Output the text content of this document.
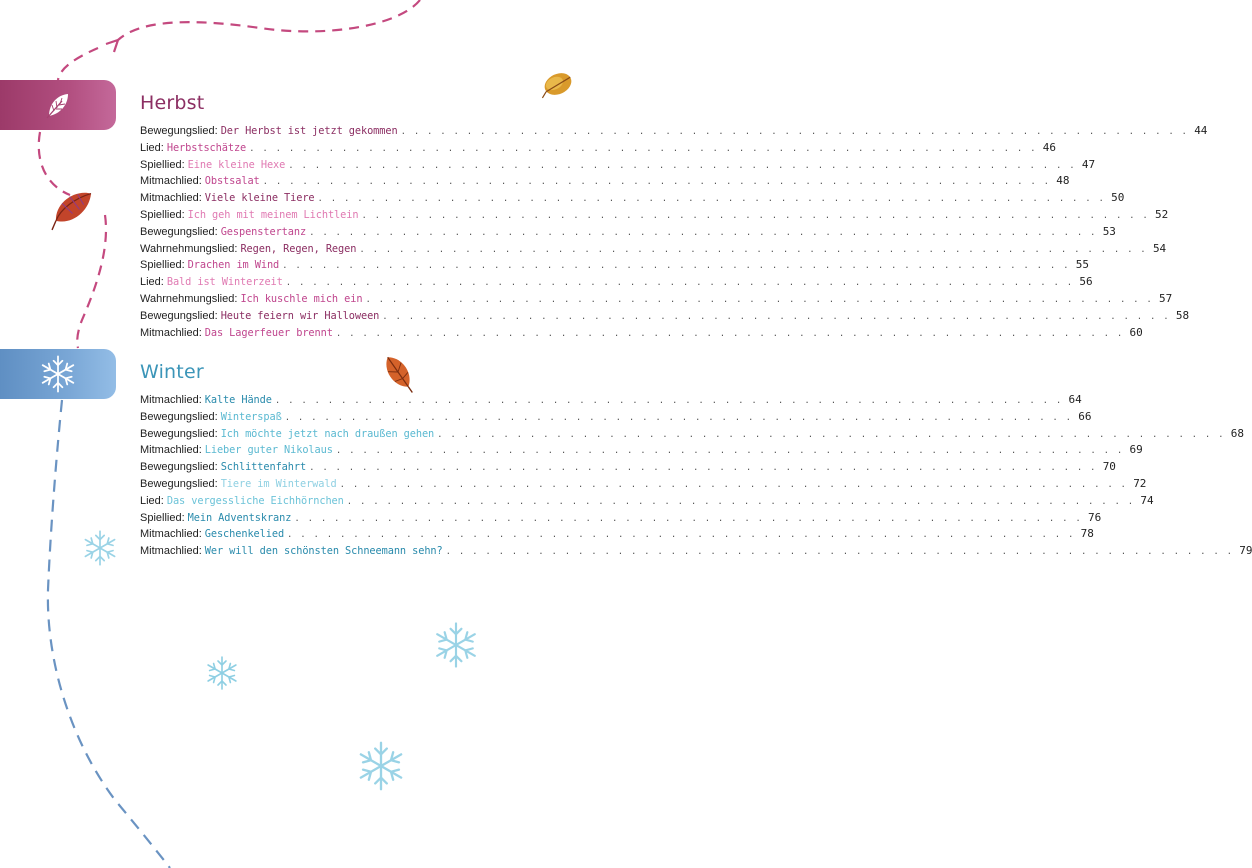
Herbst
Bewegungslied : Der Herbst ist jetzt gekommen . . . . . . . . . . . . . . . . . . . . . . . . . . . . . . . . . . . . . . . . . . . . . . . . . . . . . . . . . . . . 44
Lied : Herbstschätze . . . . . . . . . . . . . . . . . . . . . . . . . . . . . . . . . . . . . . . . . . . . . . . . . . . . . . . . . . . . 46
Spiellied : Eine kleine Hexe . . . . . . . . . . . . . . . . . . . . . . . . . . . . . . . . . . . . . . . . . . . . . . . . . . . . . . . . . . . . 47
Mitmachlied : Obstsalat . . . . . . . . . . . . . . . . . . . . . . . . . . . . . . . . . . . . . . . . . . . . . . . . . . . . . . . . . . . . 48
Mitmachlied : Viele kleine Tiere . . . . . . . . . . . . . . . . . . . . . . . . . . . . . . . . . . . . . . . . . . . . . . . . . . . . . . . . . . . . 50
Spiellied : Ich geh mit meinem Lichtlein . . . . . . . . . . . . . . . . . . . . . . . . . . . . . . . . . . . . . . . . . . . . . . . . . . . . . . . . . . . . 52
Bewegungslied : Gespenstertanz . . . . . . . . . . . . . . . . . . . . . . . . . . . . . . . . . . . . . . . . . . . . . . . . . . . . . . . . . . . . 53
Wahrnehmungslied : Regen, Regen, Regen . . . . . . . . . . . . . . . . . . . . . . . . . . . . . . . . . . . . . . . . . . . . . . . . . . . . . . . . . . . . 54
Spiellied : Drachen im Wind . . . . . . . . . . . . . . . . . . . . . . . . . . . . . . . . . . . . . . . . . . . . . . . . . . . . . . . . . . . . 55
Lied : Bald ist Winterzeit . . . . . . . . . . . . . . . . . . . . . . . . . . . . . . . . . . . . . . . . . . . . . . . . . . . . . . . . . . . . 56
Wahrnehmungslied : Ich kuschle mich ein . . . . . . . . . . . . . . . . . . . . . . . . . . . . . . . . . . . . . . . . . . . . . . . . . . . . . . . . . . . . 57
Bewegungslied : Heute feiern wir Halloween . . . . . . . . . . . . . . . . . . . . . . . . . . . . . . . . . . . . . . . . . . . . . . . . . . . . . . . . . . . . 58
Mitmachlied : Das Lagerfeuer brennt . . . . . . . . . . . . . . . . . . . . . . . . . . . . . . . . . . . . . . . . . . . . . . . . . . . . . . . . . . . . 60
Winter
Mitmachlied : Kalte Hände . . . . . . . . . . . . . . . . . . . . . . . . . . . . . . . . . . . . . . . . . . . . . . . . . . . . . . . . . . . . 64
Bewegungslied : Winterspaß . . . . . . . . . . . . . . . . . . . . . . . . . . . . . . . . . . . . . . . . . . . . . . . . . . . . . . . . . . . . 66
Bewegungslied : Ich möchte jetzt nach draußen gehen . . . . . . . . . . . . . . . . . . . . . . . . . . . . . . . . . . . . . . . . . . . . . . . . . . . . . . . . . . . . 68
Mitmachlied : Lieber guter Nikolaus . . . . . . . . . . . . . . . . . . . . . . . . . . . . . . . . . . . . . . . . . . . . . . . . . . . . . . . . . . . . 69
Bewegungslied : Schlittenfahrt . . . . . . . . . . . . . . . . . . . . . . . . . . . . . . . . . . . . . . . . . . . . . . . . . . . . . . . . . . . . 70
Bewegungslied : Tiere im Winterwald . . . . . . . . . . . . . . . . . . . . . . . . . . . . . . . . . . . . . . . . . . . . . . . . . . . . . . . . . . . . 72
Lied : Das vergessliche Eichhörnchen . . . . . . . . . . . . . . . . . . . . . . . . . . . . . . . . . . . . . . . . . . . . . . . . . . . . . . . . . . . . 74
Spiellied : Mein Adventskranz . . . . . . . . . . . . . . . . . . . . . . . . . . . . . . . . . . . . . . . . . . . . . . . . . . . . . . . . . . . . 76
Mitmachlied : Geschenkelied . . . . . . . . . . . . . . . . . . . . . . . . . . . . . . . . . . . . . . . . . . . . . . . . . . . . . . . . . . . . 78
Mitmachlied : Wer will den schönsten Schneemann sehn? . . . . . . . . . . . . . . . . . . . . . . . . . . . . . . . . . . . . . . . . . . . . . . . . . . . . . . . . . . . . 79
